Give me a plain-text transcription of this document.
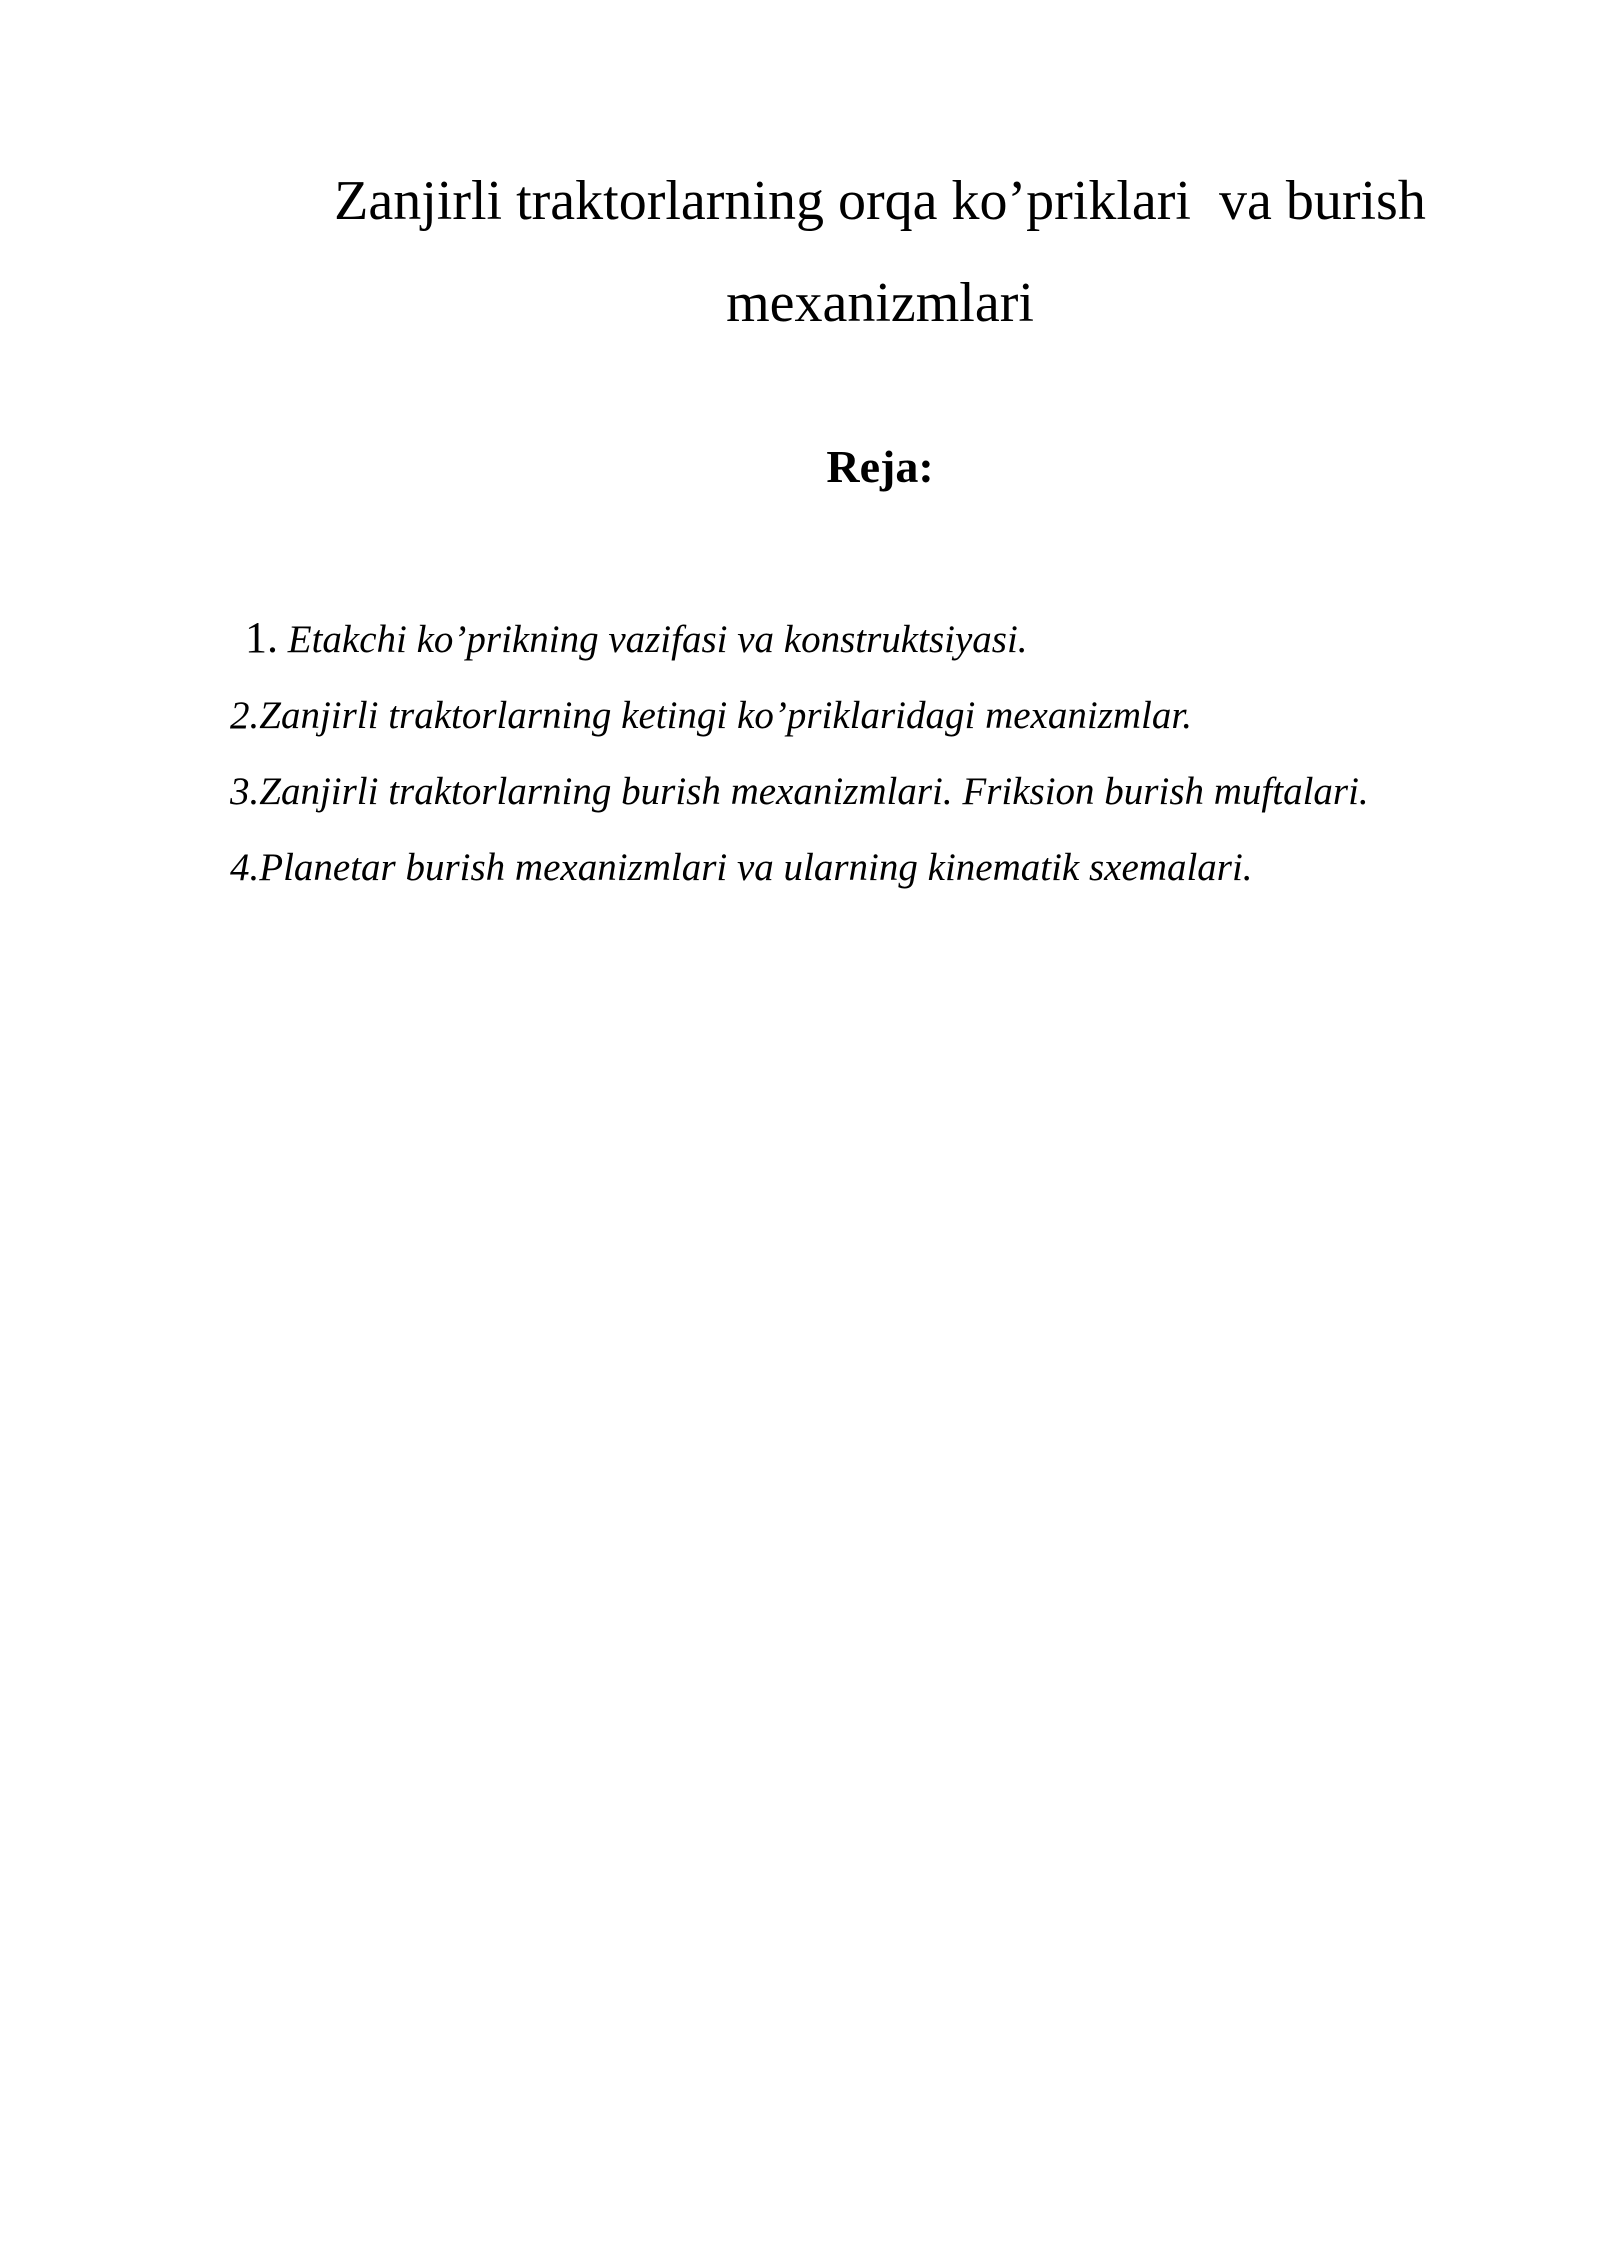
Zanjirli traktorlarning orqa ko’priklari  va burish
mexanizmlari
Reja:
1. Etakchi ko’prikning vazifasi va konstruktsiyasi.
2.Zanjirli traktorlarning ketingi ko’priklaridagi mexanizmlar.
3.Zanjirli traktorlarning burish mexanizmlari. Friksion burish muftalari.
4.Planetar burish mexanizmlari va ularning kinematik sxemalari.
